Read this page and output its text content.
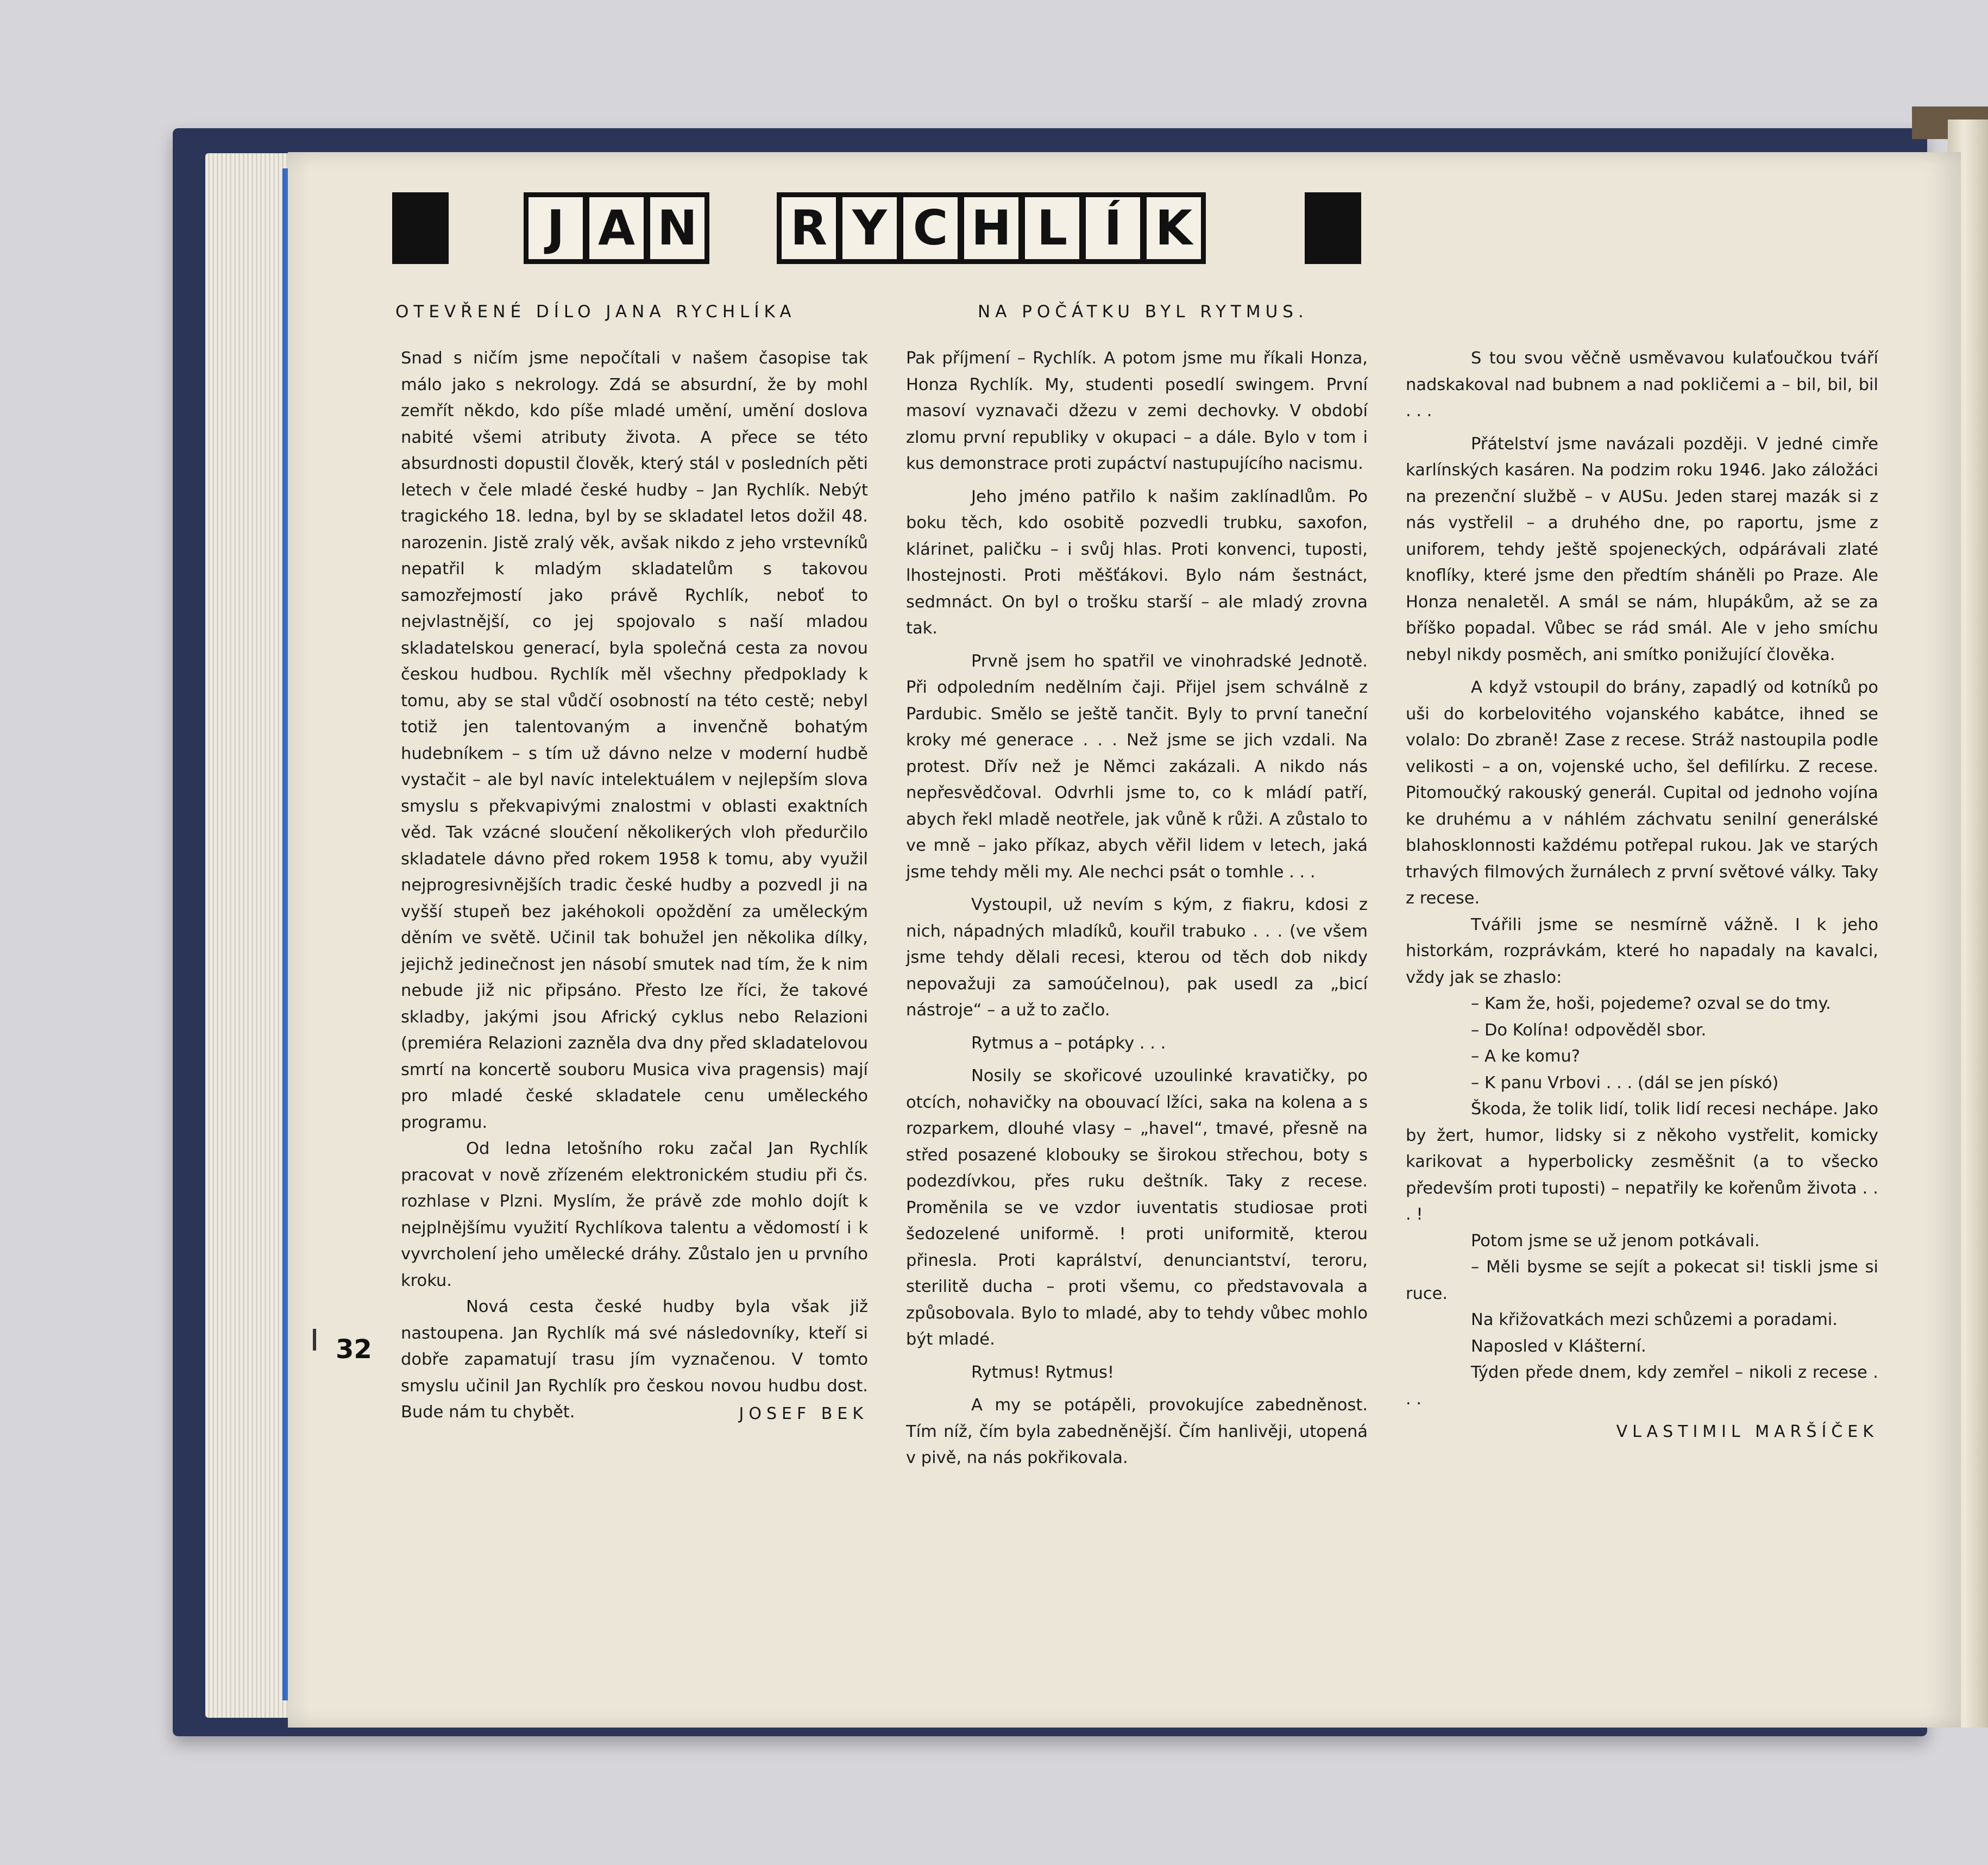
J A N R Y C H L Í K
OTEVŘENÉ DÍLO JANA RYCHLÍKA	NA POČÁTKU BYL RYTMUS.

Snad s ničím jsme nepočítali v našem časopise tak málo jako s nekrology. Zdá se absurdní, že by mohl zemřít někdo, kdo píše mladé umění, umění doslova nabité všemi atributy života. A přece se této absurdnosti dopustil člověk, který stál v posledních pěti letech v čele mladé české hudby – Jan Rychlík. Nebýt tragického 18. ledna, byl by se skladatel letos dožil 48. narozenin. Jistě zralý věk, avšak nikdo z jeho vrstevníků nepatřil k mladým skladatelům s takovou samozřejmostí jako právě Rychlík, neboť to nejvlastnější, co jej spojovalo s naší mladou skladatelskou generací, byla společná cesta za novou českou hudbou. Rychlík měl všechny předpoklady k tomu, aby se stal vůdčí osobností na této cestě; nebyl totiž jen talentovaným a invenčně bohatým hudebníkem – s tím už dávno nelze v moderní hudbě vystačit – ale byl navíc intelektuálem v nejlepším slova smyslu s překvapivými znalostmi v oblasti exaktních věd. Tak vzácné sloučení několikerých vloh předurčilo skladatele dávno před rokem 1958 k tomu, aby využil nejprogresivnějších tradic české hudby a pozvedl ji na vyšší stupeň bez jakéhokoli opoždění za uměleckým děním ve světě. Učinil tak bohužel jen několika dílky, jejichž jedinečnost jen násobí smutek nad tím, že k nim nebude již nic připsáno. Přesto lze říci, že takové skladby, jakými jsou Africký cyklus nebo Relazioni (premiéra Relazioni zazněla dva dny před skladatelovou smrtí na koncertě souboru Musica viva pragensis) mají pro mladé české skladatele cenu uměleckého programu.

Od ledna letošního roku začal Jan Rychlík pracovat v nově zřízeném elektronickém studiu při čs. rozhlase v Plzni. Myslím, že právě zde mohlo dojít k nejplnějšímu využití Rychlíkova talentu a vědomostí i k vyvrcholení jeho umělecké dráhy. Zůstalo jen u prvního kroku.

Nová cesta české hudby byla však již nastoupena. Jan Rychlík má své následovníky, kteří si dobře zapamatují trasu jím vyznačenou. V tomto smyslu učinil Jan Rychlík pro českou novou hudbu dost. Bude nám tu chybět.	JOSEF BEK

Pak příjmení – Rychlík. A potom jsme mu říkali Honza, Honza Rychlík. My, studenti posedlí swingem. První masoví vyznavači džezu v zemi dechovky. V období zlomu první republiky v okupaci – a dále. Bylo v tom i kus demonstrace proti zupáctví nastupujícího nacismu.

Jeho jméno patřilo k našim zaklínadlům. Po boku těch, kdo osobitě pozvedli trubku, saxofon, klárinet, paličku – i svůj hlas. Proti konvenci, tuposti, lhostejnosti. Proti měšťákovi. Bylo nám šestnáct, sedmnáct. On byl o trošku starší – ale mladý zrovna tak.

Prvně jsem ho spatřil ve vinohradské Jednotě. Při odpoledním nedělním čaji. Přijel jsem schválně z Pardubic. Smělo se ještě tančit. Byly to první taneční kroky mé generace . . . Než jsme se jich vzdali. Na protest. Dřív než je Němci zakázali. A nikdo nás nepřesvědčoval. Odvrhli jsme to, co k mládí patří, abych řekl mladě neotřele, jak vůně k růži. A zůstalo to ve mně – jako příkaz, abych věřil lidem v letech, jaká jsme tehdy měli my. Ale nechci psát o tomhle . . .

Vystoupil, už nevím s kým, z fiakru, kdosi z nich, nápadných mladíků, kouřil trabuko . . . (ve všem jsme tehdy dělali recesi, kterou od těch dob nikdy nepovažuji za samoúčelnou), pak usedl za „bicí nástroje“ – a už to začlo.

Rytmus a – potápky . . .

Nosily se skořicové uzoulinké kravatičky, po otcích, nohavičky na obouvací lžíci, saka na kolena a s rozparkem, dlouhé vlasy – „havel“, tmavé, přesně na střed posazené klobouky se širokou střechou, boty s podezdívkou, přes ruku deštník. Taky z recese. Proměnila se ve vzdor iuventatis studiosae proti šedozelené uniformě. ! proti uniformitě, kterou přinesla. Proti kaprálství, denunciantství, teroru, sterilitě ducha – proti všemu, co představovala a způsobovala. Bylo to mladé, aby to tehdy vůbec mohlo být mladé.

Rytmus! Rytmus!

A my se potápěli, provokujíce zabedněnost. Tím níž, čím byla zabedněnější. Čím hanlivěji, utopená v pivě, na nás pokřikovala.

S tou svou věčně usměvavou kulaťoučkou tváří nadskakoval nad bubnem a nad pokličemi a – bil, bil, bil . . .

Přátelství jsme navázali později. V jedné cimře karlínských kasáren. Na podzim roku 1946. Jako záložáci na prezenční službě – v AUSu. Jeden starej mazák si z nás vystřelil – a druhého dne, po raportu, jsme z uniforem, tehdy ještě spojeneckých, odpárávali zlaté knoflíky, které jsme den předtím sháněli po Praze. Ale Honza nenaletěl. A smál se nám, hlupákům, až se za bříško popadal. Vůbec se rád smál. Ale v jeho smíchu nebyl nikdy posměch, ani smítko ponižující člověka.

A když vstoupil do brány, zapadlý od kotníků po uši do korbelovitého vojanského kabátce, ihned se volalo: Do zbraně! Zase z recese. Stráž nastoupila podle velikosti – a on, vojenské ucho, šel defilírku. Z recese. Pitomoučký rakouský generál. Cupital od jednoho vojína ke druhému a v náhlém záchvatu senilní generálské blahosklonnosti každému potřepal rukou. Jak ve starých trhavých filmových žurnálech z první světové války. Taky z recese.

Tvářili jsme se nesmírně vážně. I k jeho historkám, rozprávkám, které ho napadaly na kavalci, vždy jak se zhaslo:

– Kam že, hoši, pojedeme? ozval se do tmy.

– Do Kolína! odpověděl sbor.

– A ke komu?

– K panu Vrbovi . . . (dál se jen pískó)

Škoda, že tolik lidí, tolik lidí recesi nechápe. Jako by žert, humor, lidsky si z někoho vystřelit, komicky karikovat a hyperbolicky zesměšnit (a to všecko především proti tuposti) – nepatřily ke kořenům života . . . !

Potom jsme se už jenom potkávali.

– Měli bysme se sejít a pokecat si! tiskli jsme si ruce.

Na křižovatkách mezi schůzemi a poradami.

Naposled v Klášterní.

Týden přede dnem, kdy zemřel – nikoli z recese . . .

VLASTIMIL MARŠÍČEK
32
